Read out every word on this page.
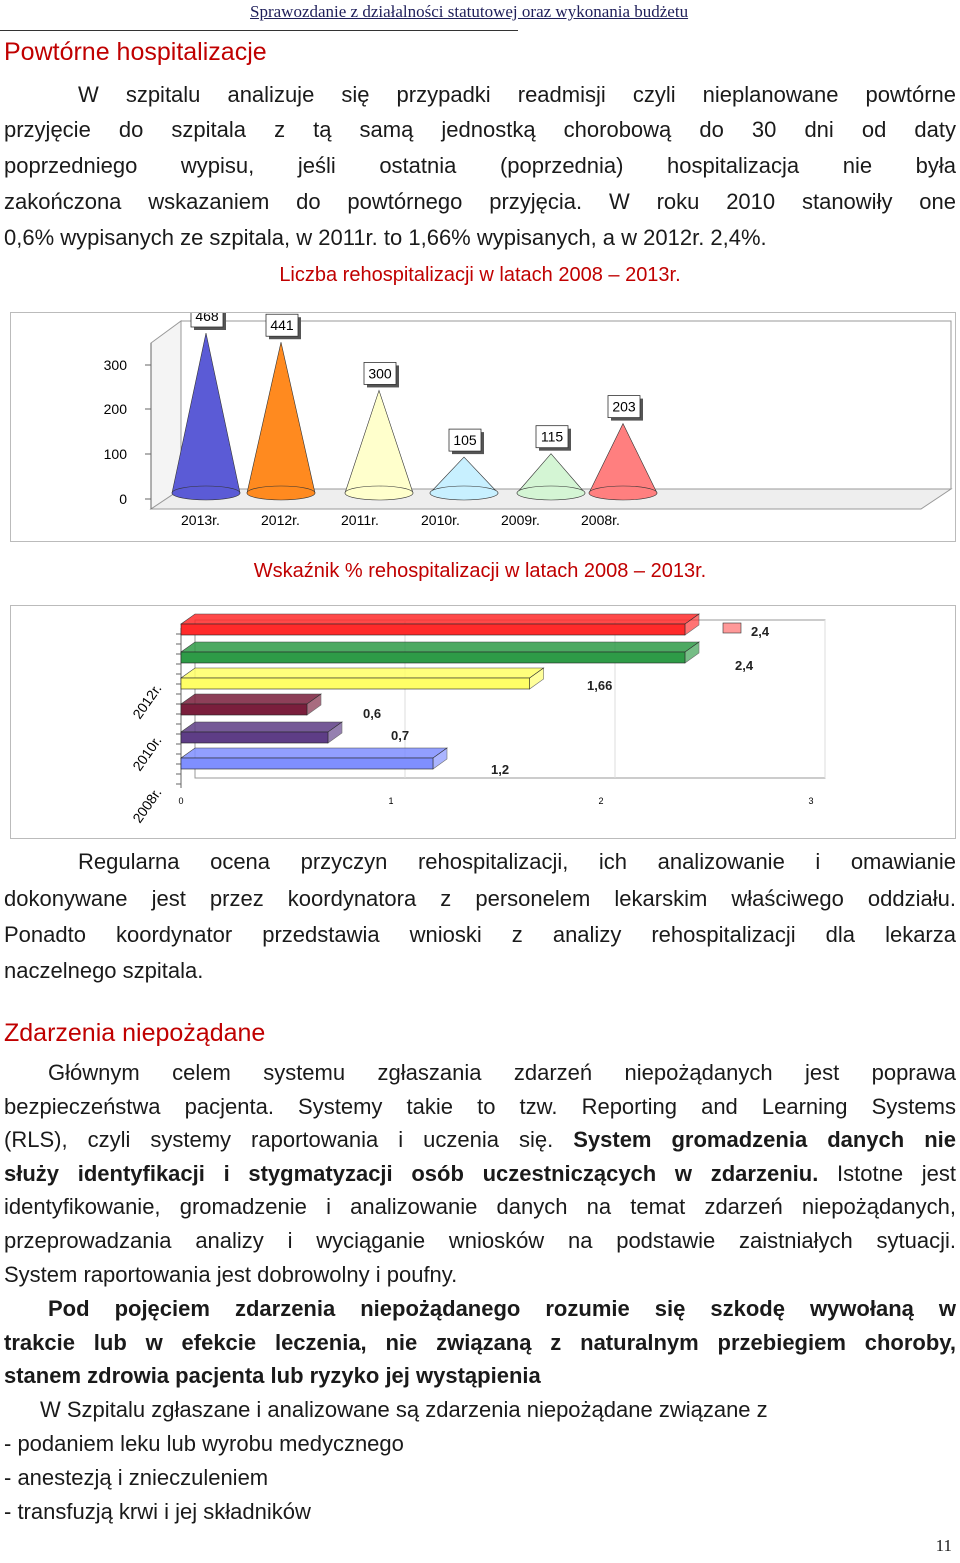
Sprawozdanie z działalności statutowej oraz wykonania budżetu
Powtórne hospitalizacje
W szpitalu analizuje się przypadki readmisji czyli nieplanowane powtórne
przyjęcie do szpitala z tą samą jednostką chorobową do 30 dni od daty
poprzedniego wypisu, jeśli ostatnia (poprzednia) hospitalizacja nie była
zakończona wskazaniem do powtórnego przyjęcia. W roku 2010 stanowiły one
0,6% wypisanych ze szpitala, w 2011r. to 1,66% wypisanych, a w 2012r. 2,4%.
Liczba rehospitalizacji w latach 2008 – 2013r.
0
100
200
300
468
2013r.
441
2012r.
300
2011r.
105
2010r.
115
2009r.
203
2008r.
Wskaźnik % rehospitalizacji w latach 2008 – 2013r.
0	1	2	3
2,4
2,4
1,66
0,6
0,7
1,2
2012r.
2010r.
2008r.
Regularna ocena przyczyn rehospitalizacji, ich analizowanie i omawianie
dokonywane jest przez koordynatora z personelem lekarskim właściwego oddziału.
Ponadto koordynator przedstawia wnioski z analizy rehospitalizacji dla lekarza
naczelnego szpitala.
Zdarzenia niepożądane
Głównym celem systemu zgłaszania zdarzeń niepożądanych jest poprawa
bezpieczeństwa pacjenta. Systemy takie to tzw. Reporting and Learning Systems
(RLS), czyli systemy raportowania i uczenia się. System gromadzenia danych nie
służy identyfikacji i stygmatyzacji osób uczestniczących w zdarzeniu. Istotne jest
identyfikowanie, gromadzenie i analizowanie danych na temat zdarzeń niepożądanych,
przeprowadzania analizy i wyciąganie wniosków na podstawie zaistniałych sytuacji.
System raportowania jest dobrowolny i poufny.
Pod pojęciem zdarzenia niepożądanego rozumie się szkodę wywołaną w
trakcie lub w efekcie leczenia, nie związaną z naturalnym przebiegiem choroby,
stanem zdrowia pacjenta lub ryzyko jej wystąpienia
W Szpitalu zgłaszane i analizowane są zdarzenia niepożądane związane z
- podaniem leku lub wyrobu medycznego
- anestezją i znieczuleniem
- transfuzją krwi i jej składników
11
